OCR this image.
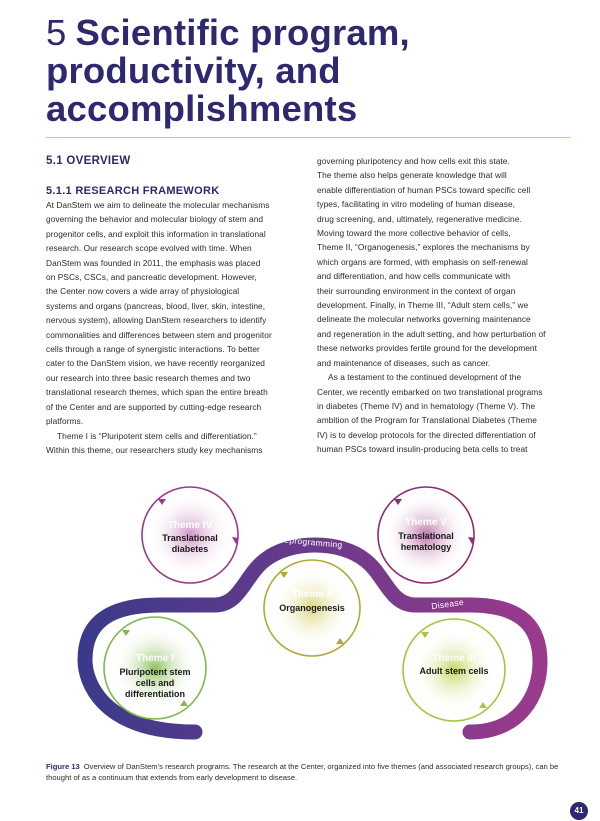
5 Scientific program,
productivity, and
accomplishments
5.1 OVERVIEW
5.1.1 RESEARCH FRAMEWORK

At DanStem we aim to delineate the molecular mechanisms
governing the behavior and molecular biology of stem and
progenitor cells, and exploit this information in translational
research. Our research scope evolved with time. When
DanStem was founded in 2011, the emphasis was placed
on PSCs, CSCs, and pancreatic development. However,
the Center now covers a wide array of physiological
systems and organs (pancreas, blood, liver, skin, intestine,
nervous system), allowing DanStem researchers to identify
commonalities and differences between stem and progenitor
cells through a range of synergistic interactions. To better
cater to the DanStem vision, we have recently reorganized
our research into three basic research themes and two
translational research themes, which span the entire breath
of the Center and are supported by cutting-edge research
platforms.

Theme I is “Pluripotent stem cells and differentiation.”
Within this theme, our researchers study key mechanisms

governing pluripotency and how cells exit this state.
The theme also helps generate knowledge that will
enable differentiation of human PSCs toward specific cell
types, facilitating in vitro modeling of human disease,
drug screening, and, ultimately, regenerative medicine.
Moving toward the more collective behavior of cells,
Theme II, “Organogenesis,” explores the mechanisms by
which organs are formed, with emphasis on self-renewal
and differentiation, and how cells communicate with
their surrounding environment in the context of organ
development. Finally, in Theme III, “Adult stem cells,” we
delineate the molecular networks governing maintenance
and regeneration in the adult setting, and how perturbation of
these networks provides fertile ground for the development
and maintenance of diseases, such as cancer.

As a testament to the continued development of the
Center, we recently embarked on two translational programs
in diabetes (Theme IV) and in hematology (Theme V). The
ambition of the Program for Translational Diabetes (Theme
IV) is to develop protocols for the directed differentiation of
human PSCs toward insulin-producing beta cells to treat

Development
Reprogramming
Homeostasis
Disease
Theme IV
Translational
diabetes
Theme V
Translational
hematology
Theme II
Organogenesis
Theme I
Pluripotent stem
cells and
differentiation
Theme III
Adult stem cells

Figure 13 Overview of DanStem’s research programs. The research at the Center, organized into five themes (and associated research groups), can be thought of as a continuum that extends from early development to disease.

41
